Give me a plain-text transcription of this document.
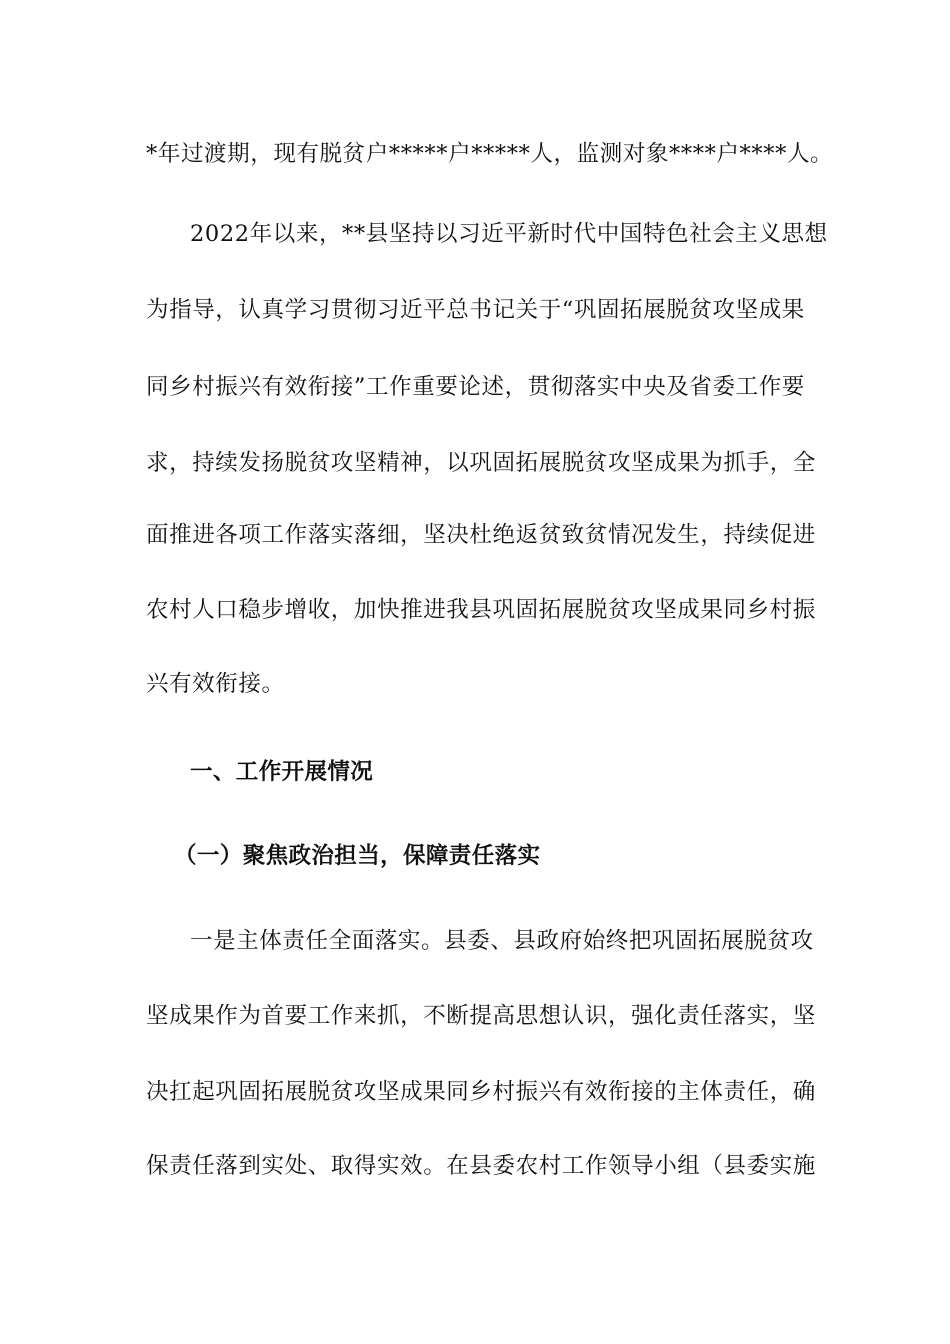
*年过渡期，现有脱贫户*****户*****人，监测对象****户****人。
2022年以来，**县坚持以习近平新时代中国特色社会主义思想
为指导，认真学习贯彻习近平总书记关于“巩固拓展脱贫攻坚成果
同乡村振兴有效衔接”工作重要论述，贯彻落实中央及省委工作要
求，持续发扬脱贫攻坚精神，以巩固拓展脱贫攻坚成果为抓手，全
面推进各项工作落实落细，坚决杜绝返贫致贫情况发生，持续促进
农村人口稳步增收，加快推进我县巩固拓展脱贫攻坚成果同乡村振
兴有效衔接。
一、工作开展情况
（一）聚焦政治担当，保障责任落实
一是主体责任全面落实。县委、县政府始终把巩固拓展脱贫攻
坚成果作为首要工作来抓，不断提高思想认识，强化责任落实，坚
决扛起巩固拓展脱贫攻坚成果同乡村振兴有效衔接的主体责任，确
保责任落到实处、取得实效。在县委农村工作领导小组（县委实施
